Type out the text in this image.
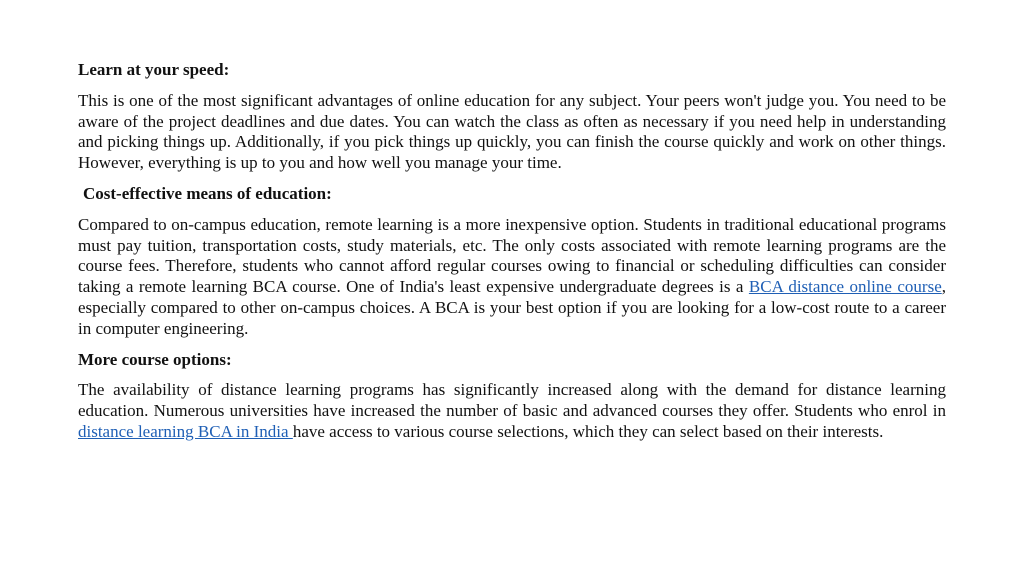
Learn at your speed:

This is one of the most significant advantages of online education for any subject. Your peers won't judge you. You need to be aware of the project deadlines and due dates. You can watch the class as often as necessary if you need help in understanding and picking things up. Additionally, if you pick things up quickly, you can finish the course quickly and work on other things. However, everything is up to you and how well you manage your time.

Cost-effective means of education:

Compared to on-campus education, remote learning is a more inexpensive option. Students in traditional educational programs must pay tuition, transportation costs, study materials, etc. The only costs associated with remote learning programs are the course fees. Therefore, students who cannot afford regular courses owing to financial or scheduling difficulties can consider taking a remote learning BCA course. One of India's least expensive undergraduate degrees is a BCA distance online course, especially compared to other on-campus choices. A BCA is your best option if you are looking for a low-cost route to a career in computer engineering.

More course options:

The availability of distance learning programs has significantly increased along with the demand for distance learning education. Numerous universities have increased the number of basic and advanced courses they offer. Students who enrol in distance learning BCA in India have access to various course selections, which they can select based on their interests.
